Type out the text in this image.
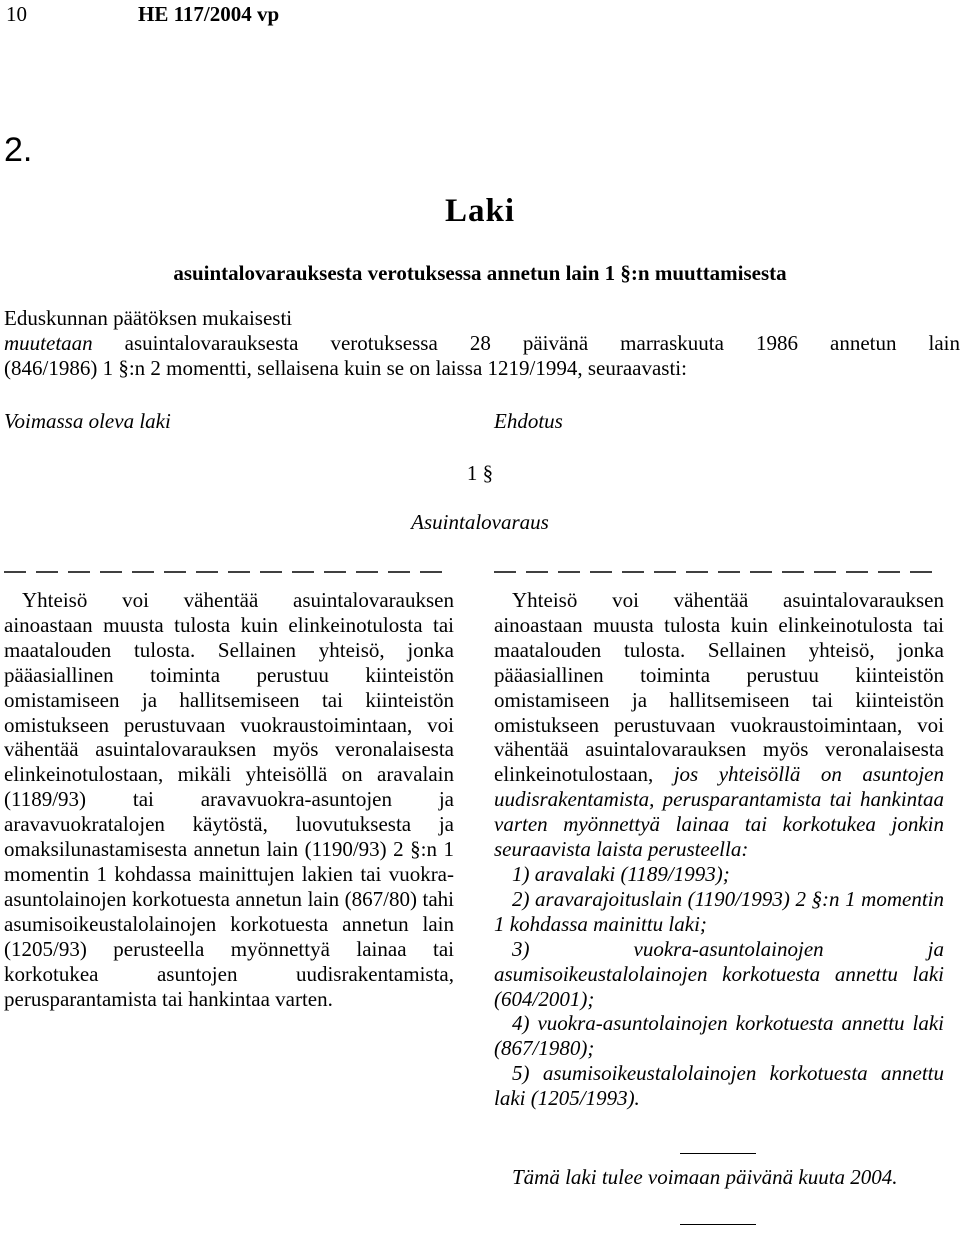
10	HE 117/2004 vp
2.
Laki
asuintalovarauksesta verotuksessa annetun lain 1 §:n muuttamisesta
Eduskunnan päätöksen mukaisesti
muutetaan asuintalovarauksesta verotuksessa 28 päivänä marraskuuta 1986 annetun lain
(846/1986) 1 §:n 2 momentti, sellaisena kuin se on laissa 1219/1994, seuraavasti:
Voimassa oleva laki	Ehdotus
1 §
Asuintalovaraus

Yhteisö voi vähentää asuintalovarauksen ainoastaan muusta tulosta kuin elinkeinotulosta tai maatalouden tulosta. Sellainen yhteisö, jonka pääasiallinen toiminta perustuu kiinteistön omistamiseen ja hallitsemiseen tai kiinteistön omistukseen perustuvaan vuokraustoimintaan, voi vähentää asuintalovarauksen myös veronalaisesta elinkeinotulostaan, mikäli yhteisöllä on aravalain (1189/93) tai aravavuokra-asuntojen ja aravavuokratalojen käytöstä, luovutuksesta ja omaksilunastamisesta annetun lain (1190/93) 2 §:n 1 momentin 1 kohdassa mainittujen lakien tai vuokra-asuntolainojen korkotuesta annetun lain (867/80) tahi asumisoikeustalolainojen korkotuesta annetun lain (1205/93) perusteella myönnettyä lainaa tai korkotukea asuntojen uudisrakentamista, perusparantamista tai hankintaa varten.

Yhteisö voi vähentää asuintalovarauksen ainoastaan muusta tulosta kuin elinkeinotulosta tai maatalouden tulosta. Sellainen yhteisö, jonka pääasiallinen toiminta perustuu kiinteistön omistamiseen ja hallitsemiseen tai kiinteistön omistukseen perustuvaan vuokraustoimintaan, voi vähentää asuintalovarauksen myös veronalaisesta elinkeinotulostaan, jos yhteisöllä on asuntojen uudisrakentamista, perusparantamista tai hankintaa varten myönnettyä lainaa tai korkotukea jonkin seuraavista laista perusteella:

1) aravalaki (1189/1993);

2) aravarajoituslain (1190/1993) 2 §:n 1 momentin 1 kohdassa mainittu laki;

3) vuokra-asuntolainojen ja asumisoikeustalolainojen korkotuesta annettu laki (604/2001);

4) vuokra-asuntolainojen korkotuesta annettu laki (867/1980);

5) asumisoikeustalolainojen korkotuesta annettu laki (1205/1993).

Tämä laki tulee voimaan päivänä kuuta 2004.
